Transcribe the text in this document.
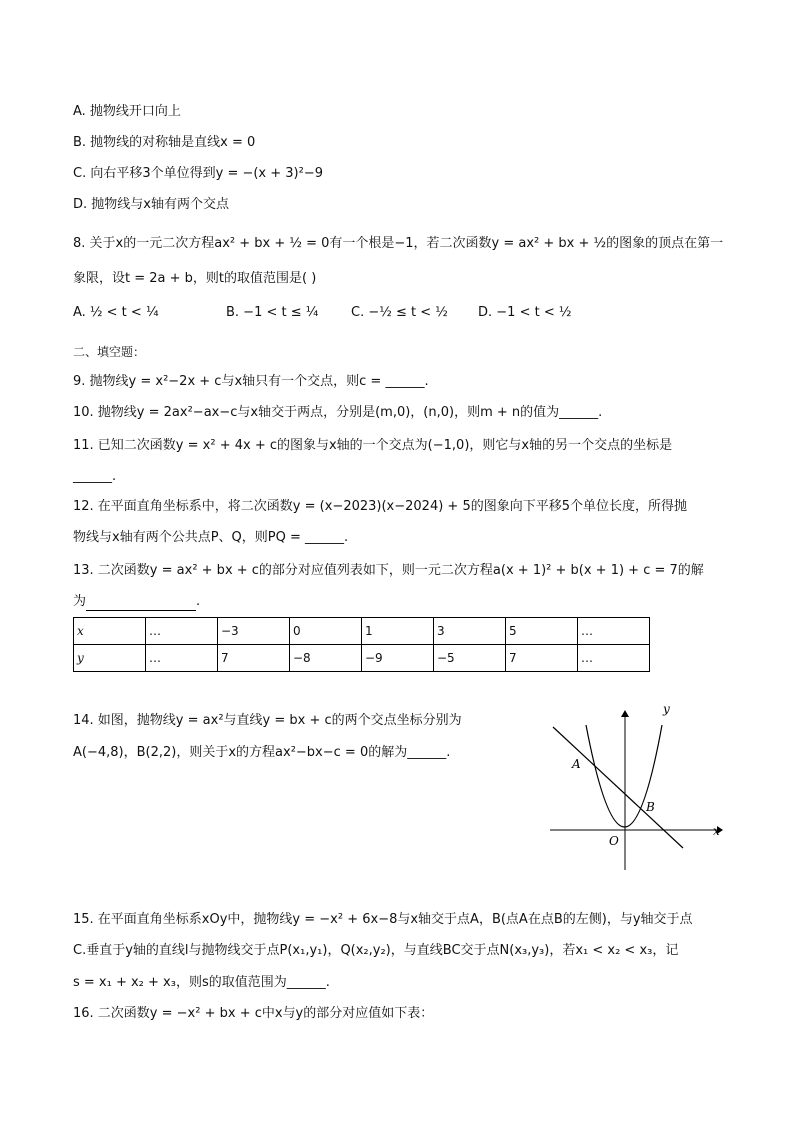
A. 抛物线开口向上
B. 抛物线的对称轴是直线x = 0
C. 向右平移3个单位得到y = −(x + 3)²−9
D. 抛物线与x轴有两个交点
8. 关于x的一元二次方程ax² + bx + ½ = 0有一个根是−1，若二次函数y = ax² + bx + ½的图象的顶点在第一
象限，设t = 2a + b，则t的取值范围是( )
A. ½ < t < ¼	B. −1 < t ≤ ¼	C. −½ ≤ t < ½ D. −1 < t < ½
二、填空题：
9. 抛物线y = x²−2x + c与x轴只有一个交点，则c = ______.
10. 抛物线y = 2ax²−ax−c与x轴交于两点，分别是(m,0)，(n,0)，则m + n的值为______.
11. 已知二次函数y = x² + 4x + c的图象与x轴的一个交点为(−1,0)，则它与x轴的另一个交点的坐标是
______.
12. 在平面直角坐标系中，将二次函数y = (x−2023)(x−2024) + 5的图象向下平移5个单位长度，所得抛
物线与x轴有两个公共点P、Q，则PQ = ______.
13. 二次函数y = ax² + bx + c的部分对应值列表如下，则一元二次方程a(x + 1)² + b(x + 1) + c = 7的解
为	.
x	…	−3	0	1	3	5	…
y	…	7	−8	−9	−5	7	…
14. 如图，抛物线y = ax²与直线y = bx + c的两个交点坐标分别为
A(−4,8)，B(2,2)，则关于x的方程ax²−bx−c = 0的解为______.
y
x
O
A
B
15. 在平面直角坐标系xOy中，抛物线y = −x² + 6x−8与x轴交于点A，B(点A在点B的左侧)，与y轴交于点
C.垂直于y轴的直线l与抛物线交于点P(x₁,y₁)，Q(x₂,y₂)，与直线BC交于点N(x₃,y₃)，若x₁ < x₂ < x₃，记
s = x₁ + x₂ + x₃，则s的取值范围为______.
16. 二次函数y = −x² + bx + c中x与y的部分对应值如下表：
